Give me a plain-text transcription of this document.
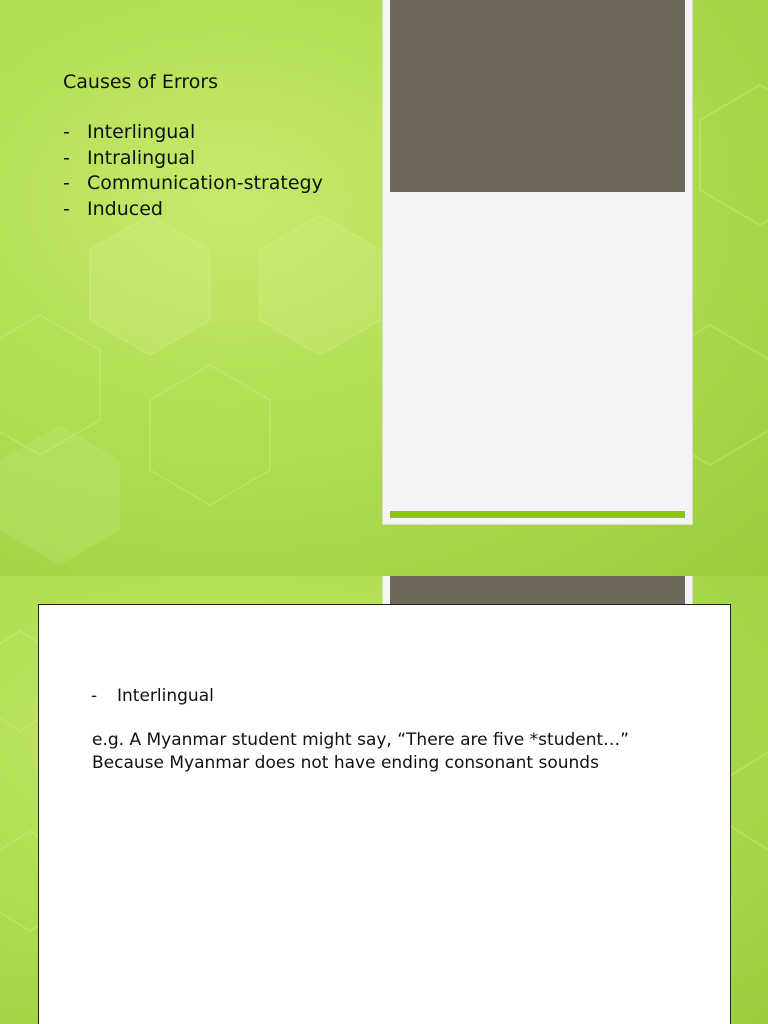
Causes of Errors
- Interlingual
- Intralingual
- Communication-strategy
- Induced
- Interlingual

e.g. A Myanmar student might say, “There are five *student…”

Because Myanmar does not have ending consonant sounds
